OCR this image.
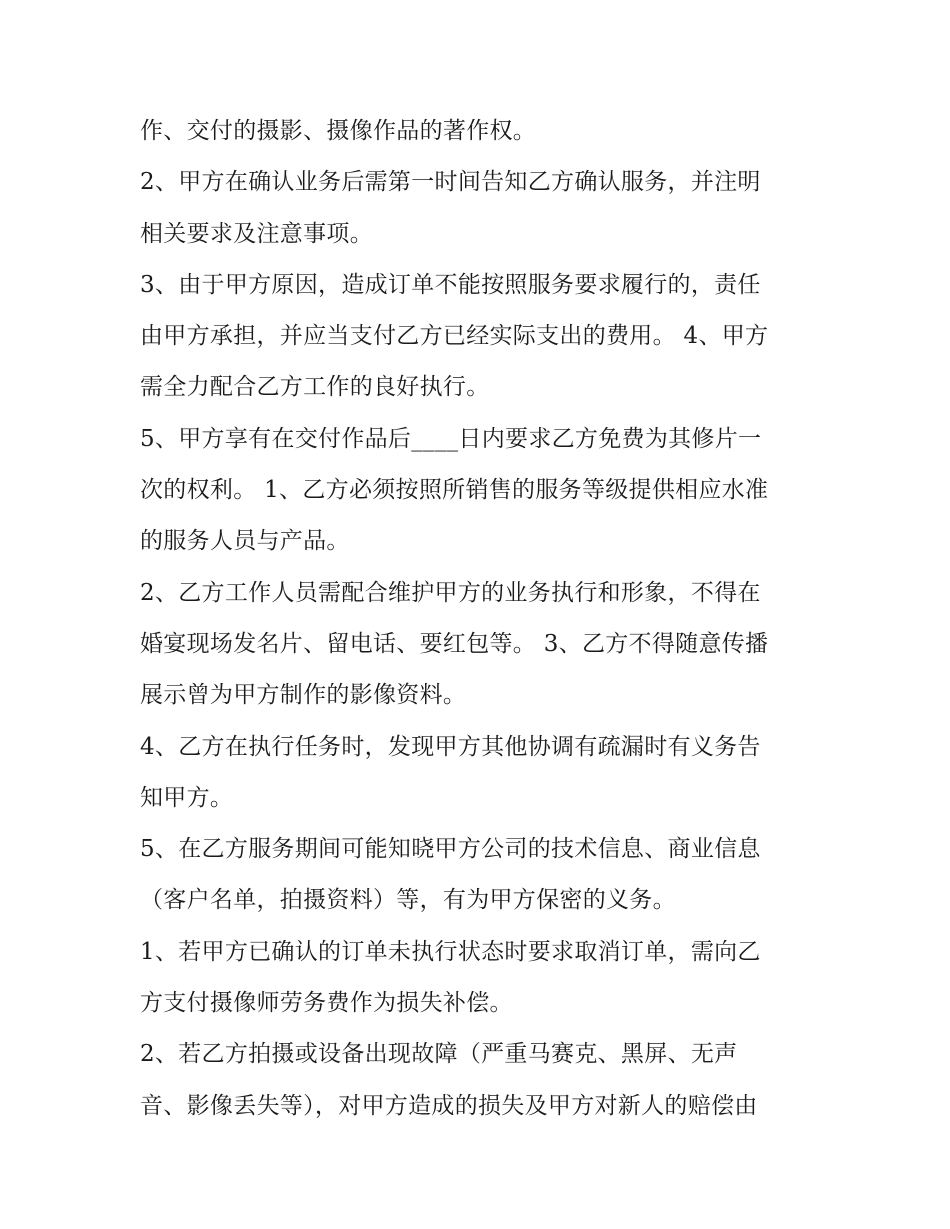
作、交付的摄影、摄像作品的著作权。
2、甲方在确认业务后需第一时间告知乙方确认服务，并注明
相关要求及注意事项。
3、由于甲方原因，造成订单不能按照服务要求履行的，责任
由甲方承担，并应当支付乙方已经实际支出的费用。 4、甲方
需全力配合乙方工作的良好执行。
5、甲方享有在交付作品后____日内要求乙方免费为其修片一
次的权利。 1、乙方必须按照所销售的服务等级提供相应水准
的服务人员与产品。
2、乙方工作人员需配合维护甲方的业务执行和形象，不得在
婚宴现场发名片、留电话、要红包等。 3、乙方不得随意传播
展示曾为甲方制作的影像资料。
4、乙方在执行任务时，发现甲方其他协调有疏漏时有义务告
知甲方。
5、在乙方服务期间可能知晓甲方公司的技术信息、商业信息
（客户名单，拍摄资料）等，有为甲方保密的义务。
1、若甲方已确认的订单未执行状态时要求取消订单，需向乙
方支付摄像师劳务费作为损失补偿。
2、若乙方拍摄或设备出现故障（严重马赛克、黑屏、无声
音、影像丢失等），对甲方造成的损失及甲方对新人的赔偿由
